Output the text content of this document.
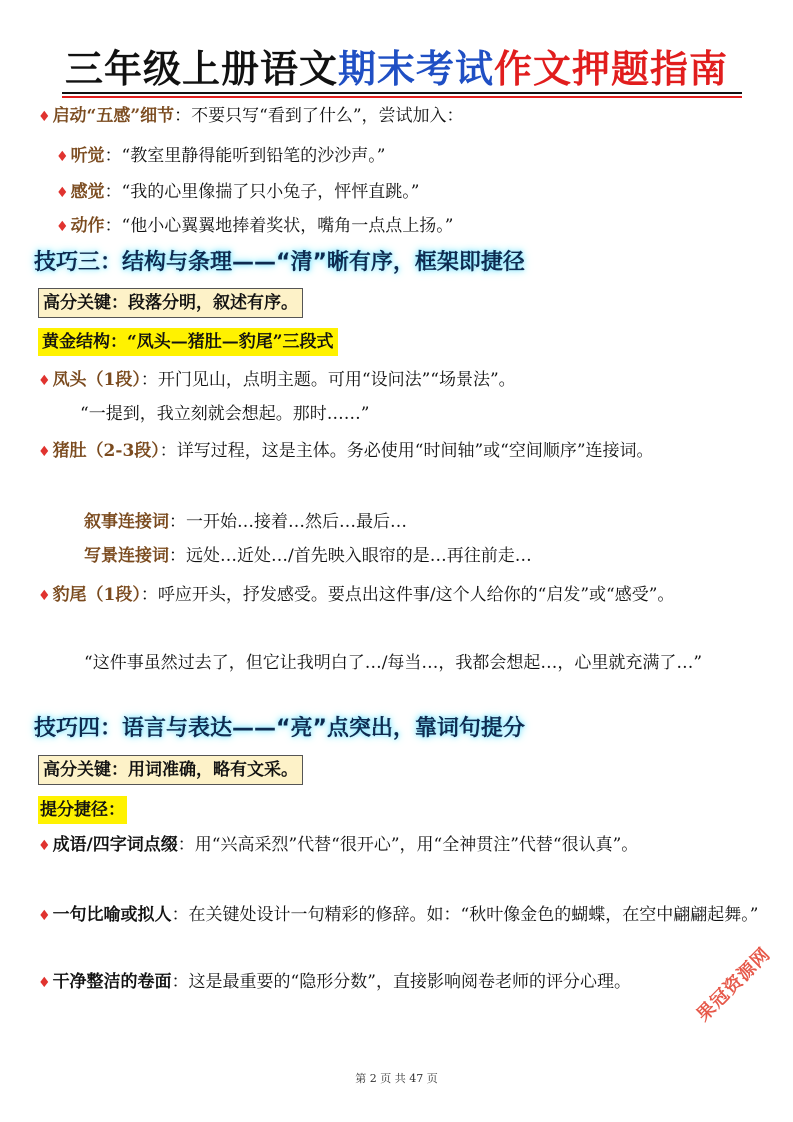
三年级上册语文期末考试作文押题指南
♦ 启动“五感”细节：不要只写“看到了什么”，尝试加入：
♦ 听觉：“教室里静得能听到铅笔的沙沙声。”
♦ 感觉：“我的心里像揣了只小兔子，怦怦直跳。”
♦ 动作：“他小心翼翼地捧着奖状，嘴角一点点上扬。”
技巧三：结构与条理——“清”晰有序，框架即捷径
高分关键：段落分明，叙述有序。
黄金结构：“凤头—猪肚—豹尾”三段式
♦ 凤头（1段）：开门见山，点明主题。可用“设问法”“场景法”。
“一提到，我立刻就会想起。那时……”
♦ 猪肚（2-3段）：详写过程，这是主体。务必使用“时间轴”或“空间顺序”连接词。
叙事连接词：一开始…接着…然后…最后…
写景连接词：远处…近处…/首先映入眼帘的是…再往前走…
♦ 豹尾（1段）：呼应开头，抒发感受。要点出这件事/这个人给你的“启发”或“感受”。
“这件事虽然过去了，但它让我明白了…/每当…，我都会想起…，心里就充满了…”
技巧四：语言与表达——“亮”点突出，靠词句提分
高分关键：用词准确，略有文采。
提分捷径：
♦ 成语/四字词点缀：用“兴高采烈”代替“很开心”，用“全神贯注”代替“很认真”。
♦ 一句比喻或拟人：在关键处设计一句精彩的修辞。如：“秋叶像金色的蝴蝶，在空中翩翩起舞。”
♦ 干净整洁的卷面：这是最重要的“隐形分数”，直接影响阅卷老师的评分心理。	果冠资源网
第 2 页 共 47 页
